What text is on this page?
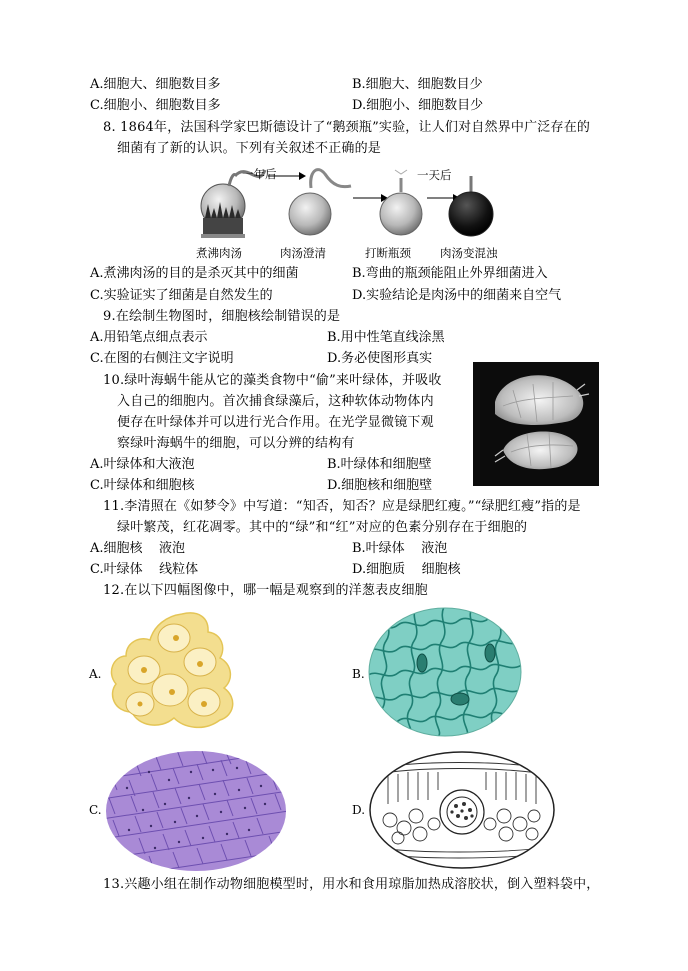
A.细胞大、细胞数目多	B.细胞大、细胞数目少
C.细胞小、细胞数目多	D.细胞小、细胞数目少
8. 1864年，法国科学家巴斯德设计了“鹅颈瓶”实验，让人们对自然界中广泛存在的
细菌有了新的认识。下列有关叙述不正确的是
一年后	一天后
煮沸肉汤	肉汤澄清	打断瓶颈	肉汤变混浊
A.煮沸肉汤的目的是杀灭其中的细菌	B.弯曲的瓶颈能阻止外界细菌进入
C.实验证实了细菌是自然发生的	D.实验结论是肉汤中的细菌来自空气
9.在绘制生物图时，细胞核绘制错误的是
A.用铅笔点细点表示	B.用中性笔直线涂黑
C.在图的右侧注文字说明	D.务必使图形真实
10.绿叶海蜗牛能从它的藻类食物中“偷”来叶绿体，并吸收
入自己的细胞内。首次捕食绿藻后，这种软体动物体内
便存在叶绿体并可以进行光合作用。在光学显微镜下观
察绿叶海蜗牛的细胞，可以分辨的结构有
A.叶绿体和大液泡	B.叶绿体和细胞壁
C.叶绿体和细胞核	D.细胞核和细胞壁
11.李清照在《如梦令》中写道：“知否，知否？应是绿肥红瘦。”“绿肥红瘦”指的是
绿叶繁茂，红花凋零。其中的“绿”和“红”对应的色素分别存在于细胞的
A.细胞核    液泡	B.叶绿体    液泡
C.叶绿体    线粒体	D.细胞质    细胞核
12.在以下四幅图像中，哪一幅是观察到的洋葱表皮细胞
A.	B.
C.	D.
13.兴趣小组在制作动物细胞模型时，用水和食用琼脂加热成溶胶状，倒入塑料袋中，
